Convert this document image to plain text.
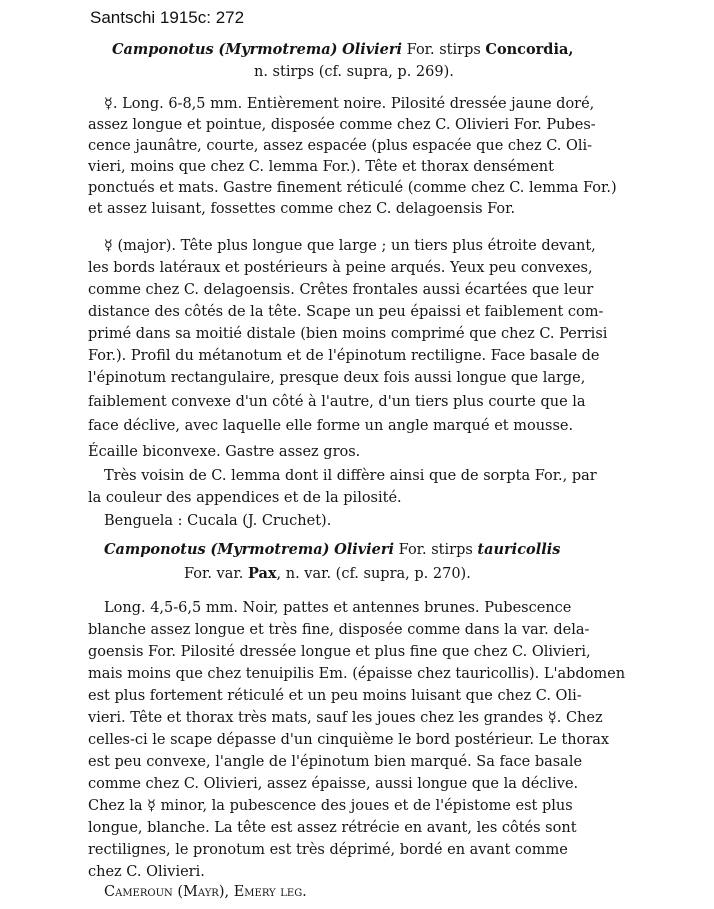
Santschi 1915c: 272
Camponotus (Myrmotrema) Olivieri For. stirps Concordia,
n. stirps (cf. supra, p. 269).
☿. Long. 6-8,5 mm. Entièrement noire. Pilosité dressée jaune doré,
assez longue et pointue, disposée comme chez C. Olivieri For. Pubes-
cence jaunâtre, courte, assez espacée (plus espacée que chez C. Oli-
vieri, moins que chez C. lemma For.). Tête et thorax densément
ponctués et mats. Gastre finement réticulé (comme chez C. lemma For.)
et assez luisant, fossettes comme chez C. delagoensis For.
☿ (major). Tête plus longue que large ; un tiers plus étroite devant,
les bords latéraux et postérieurs à peine arqués. Yeux peu convexes,
comme chez C. delagoensis. Crêtes frontales aussi écartées que leur
distance des côtés de la tête. Scape un peu épaissi et faiblement com-
primé dans sa moitié distale (bien moins comprimé que chez C. Perrisi
For.). Profil du métanotum et de l'épinotum rectiligne. Face basale de
l'épinotum rectangulaire, presque deux fois aussi longue que large,
faiblement convexe d'un côté à l'autre, d'un tiers plus courte que la
face déclive, avec laquelle elle forme un angle marqué et mousse.
Écaille biconvexe. Gastre assez gros.
Très voisin de C. lemma dont il diffère ainsi que de sorpta For., par
la couleur des appendices et de la pilosité.
Benguela : Cucala (J. Cruchet).
Camponotus (Myrmotrema) Olivieri For. stirps tauricollis
For. var. Pax, n. var. (cf. supra, p. 270).
Long. 4,5-6,5 mm. Noir, pattes et antennes brunes. Pubescence
blanche assez longue et très fine, disposée comme dans la var. dela-
goensis For. Pilosité dressée longue et plus fine que chez C. Olivieri,
mais moins que chez tenuipilis Em. (épaisse chez tauricollis). L'abdomen
est plus fortement réticulé et un peu moins luisant que chez C. Oli-
vieri. Tête et thorax très mats, sauf les joues chez les grandes ☿. Chez
celles-ci le scape dépasse d'un cinquième le bord postérieur. Le thorax
est peu convexe, l'angle de l'épinotum bien marqué. Sa face basale
comme chez C. Olivieri, assez épaisse, aussi longue que la déclive.
Chez la ☿ minor, la pubescence des joues et de l'épistome est plus
longue, blanche. La tête est assez rétrécie en avant, les côtés sont
rectilignes, le pronotum est très déprimé, bordé en avant comme
chez C. Olivieri.
Cameroun (Mayr), Emery leg.
